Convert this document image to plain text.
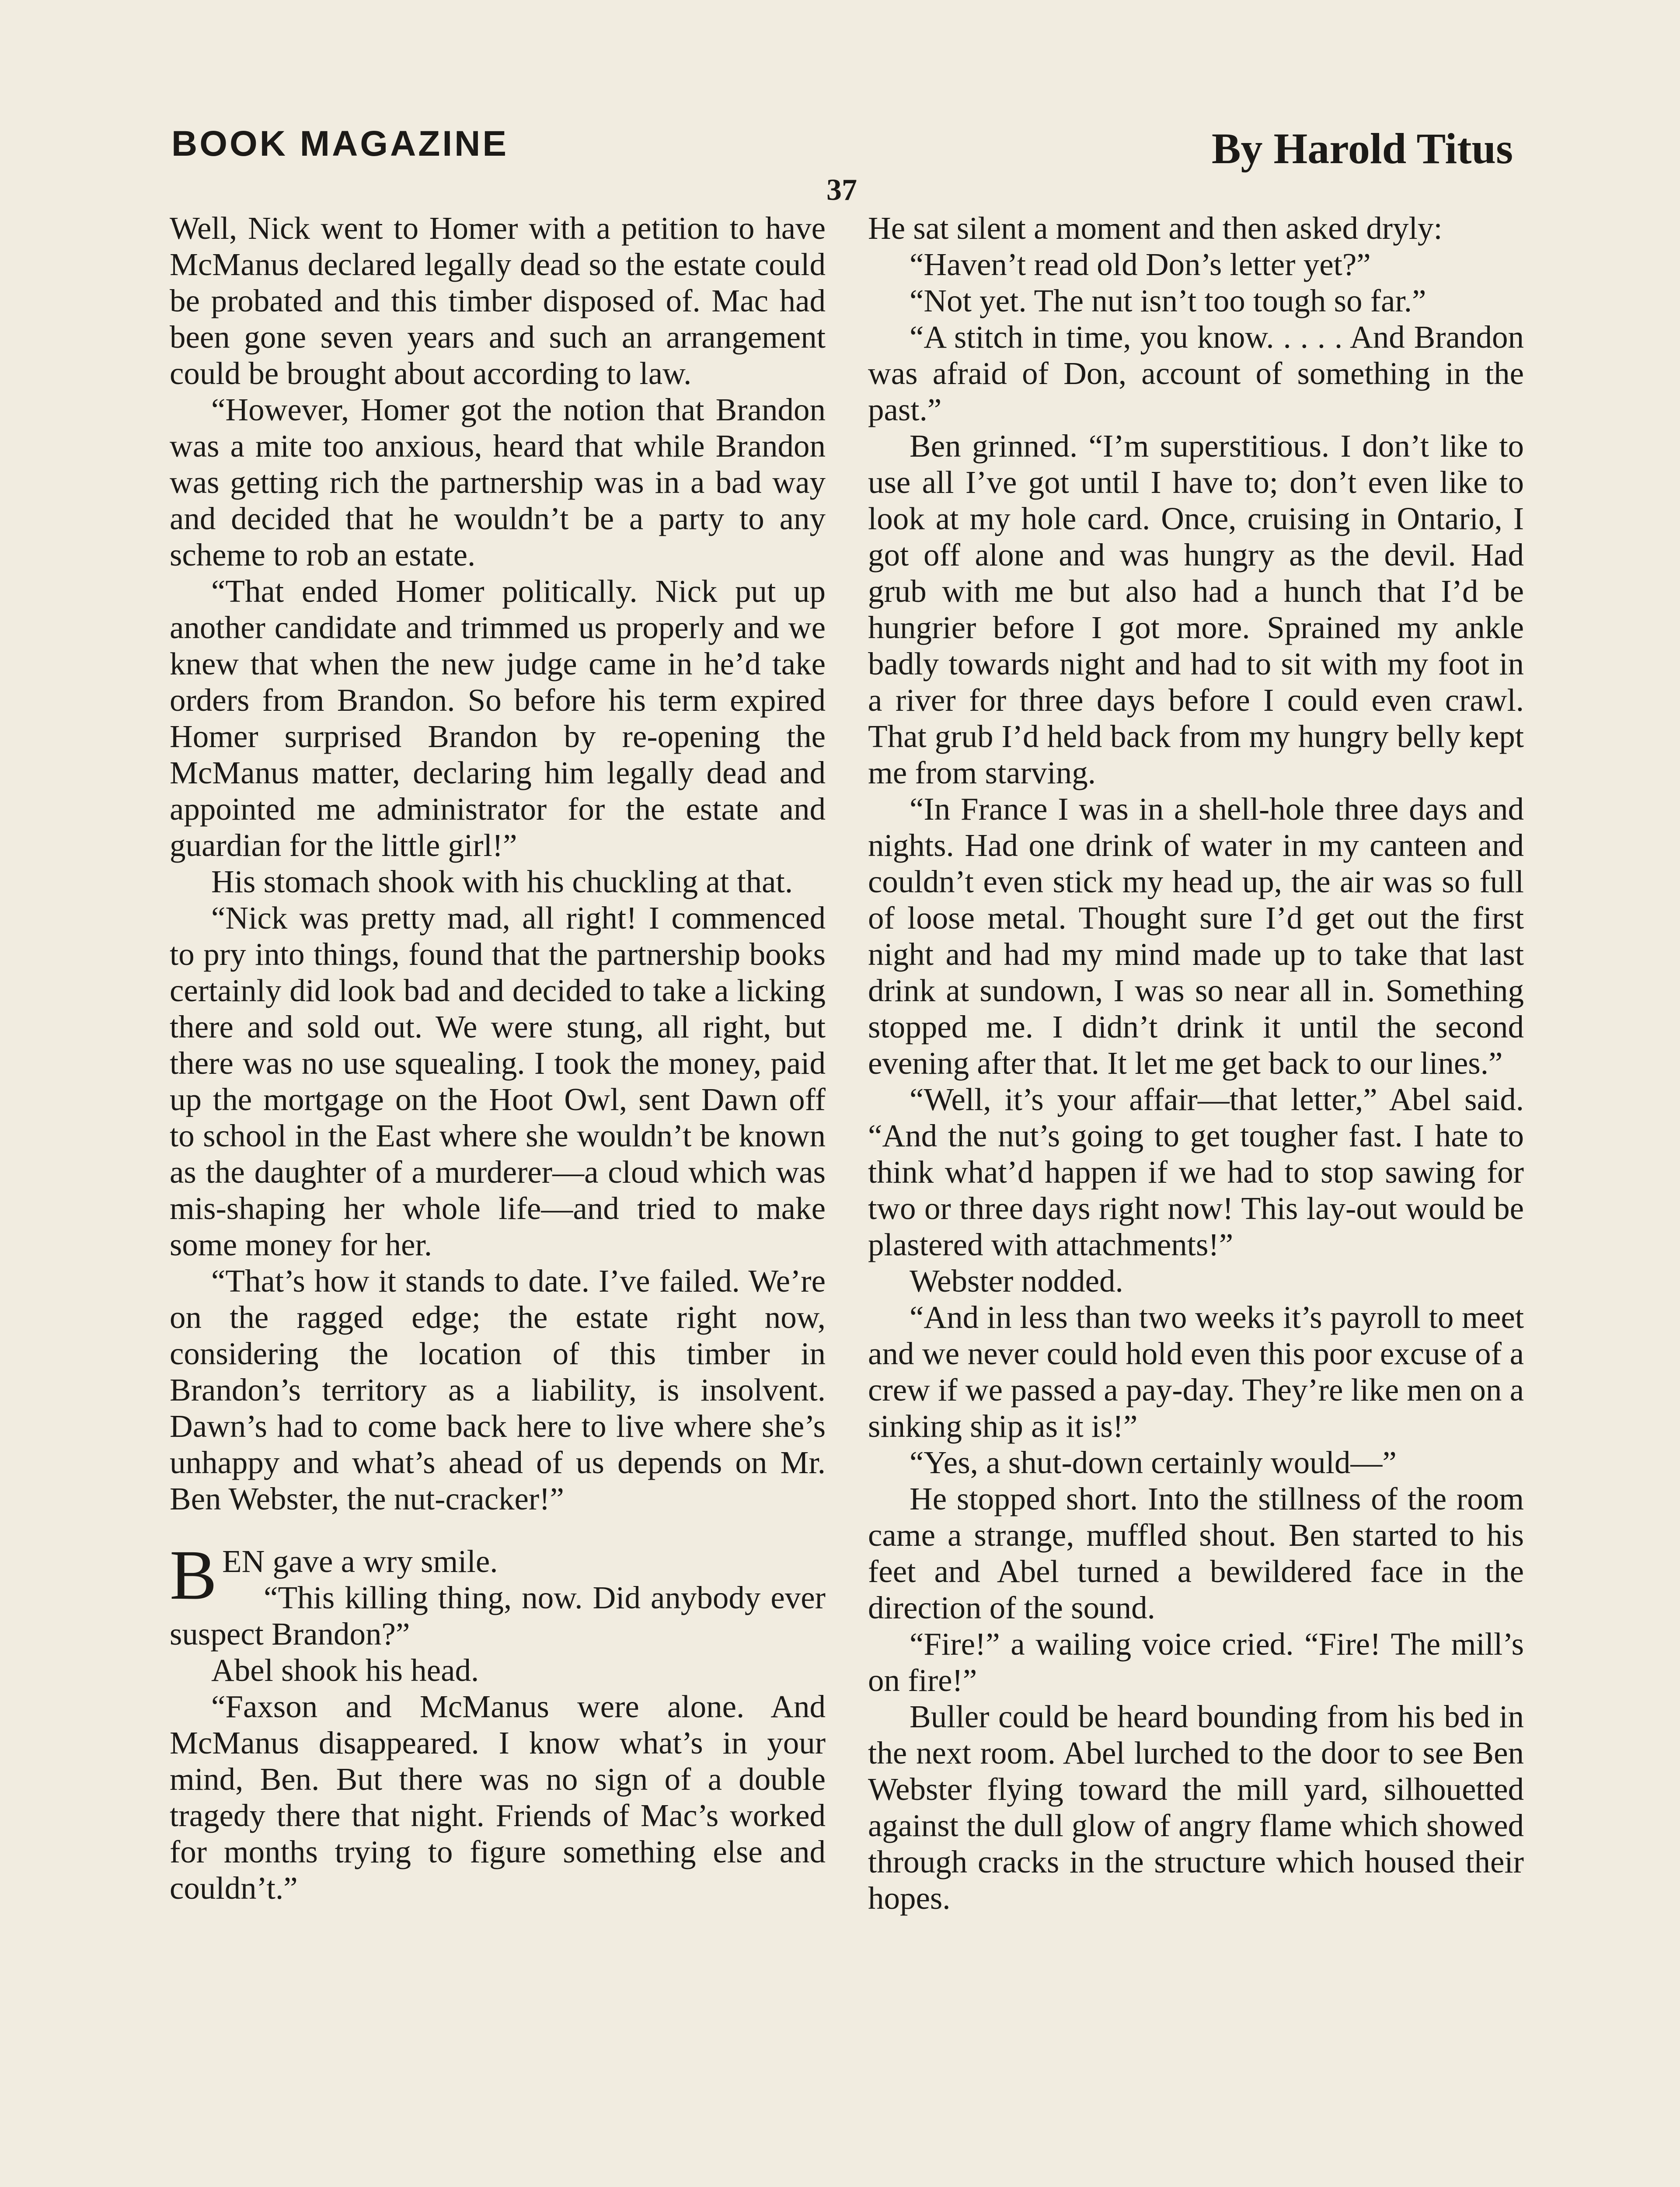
BOOK MAGAZINE	By Harold Titus
37

Well, Nick went to Homer with a petition to have McManus declared legally dead so the estate could be probated and this timber disposed of. Mac had been gone seven years and such an arrangement could be brought about according to law.

“However, Homer got the notion that Brandon was a mite too anxious, heard that while Brandon was getting rich the partnership was in a bad way and decided that he wouldn’t be a party to any scheme to rob an estate.

“That ended Homer politically. Nick put up another candidate and trimmed us properly and we knew that when the new judge came in he’d take orders from Brandon. So before his term expired Homer surprised Brandon by re-opening the McManus matter, declaring him legally dead and appointed me administrator for the estate and guardian for the little girl!”

His stomach shook with his chuckling at that.

“Nick was pretty mad, all right! I commenced to pry into things, found that the partnership books certainly did look bad and decided to take a licking there and sold out. We were stung, all right, but there was no use squealing. I took the money, paid up the mortgage on the Hoot Owl, sent Dawn off to school in the East where she wouldn’t be known as the daughter of a murderer—a cloud which was mis-shaping her whole life—and tried to make some money for her.

“That’s how it stands to date. I’ve failed. We’re on the ragged edge; the estate right now, considering the location of this timber in Brandon’s territory as a liability, is insolvent. Dawn’s had to come back here to live where she’s unhappy and what’s ahead of us depends on Mr. Ben Webster, the nut-cracker!”

BEN gave a wry smile.

“This killing thing, now. Did anybody ever suspect Brandon?”

Abel shook his head.

“Faxson and McManus were alone. And McManus disappeared. I know what’s in your mind, Ben. But there was no sign of a double tragedy there that night. Friends of Mac’s worked for months trying to figure something else and couldn’t.”

He sat silent a moment and then asked dryly:

“Haven’t read old Don’s letter yet?”

“Not yet. The nut isn’t too tough so far.”

“A stitch in time, you know. . . . . And Brandon was afraid of Don, account of something in the past.”

Ben grinned. “I’m superstitious. I don’t like to use all I’ve got until I have to; don’t even like to look at my hole card. Once, cruising in Ontario, I got off alone and was hungry as the devil. Had grub with me but also had a hunch that I’d be hungrier before I got more. Sprained my ankle badly towards night and had to sit with my foot in a river for three days before I could even crawl. That grub I’d held back from my hungry belly kept me from starving.

“In France I was in a shell-hole three days and nights. Had one drink of water in my canteen and couldn’t even stick my head up, the air was so full of loose metal. Thought sure I’d get out the first night and had my mind made up to take that last drink at sundown, I was so near all in. Something stopped me. I didn’t drink it until the second evening after that. It let me get back to our lines.”

“Well, it’s your affair—that letter,” Abel said. “And the nut’s going to get tougher fast. I hate to think what’d happen if we had to stop sawing for two or three days right now! This lay-out would be plastered with attachments!”

Webster nodded.

“And in less than two weeks it’s payroll to meet and we never could hold even this poor excuse of a crew if we passed a pay-day. They’re like men on a sinking ship as it is!”

“Yes, a shut-down certainly would—”

He stopped short. Into the stillness of the room came a strange, muffled shout. Ben started to his feet and Abel turned a bewildered face in the direction of the sound.

“Fire!” a wailing voice cried. “Fire! The mill’s on fire!”

Buller could be heard bounding from his bed in the next room. Abel lurched to the door to see Ben Webster flying toward the mill yard, silhouetted against the dull glow of angry flame which showed through cracks in the structure which housed their hopes.
